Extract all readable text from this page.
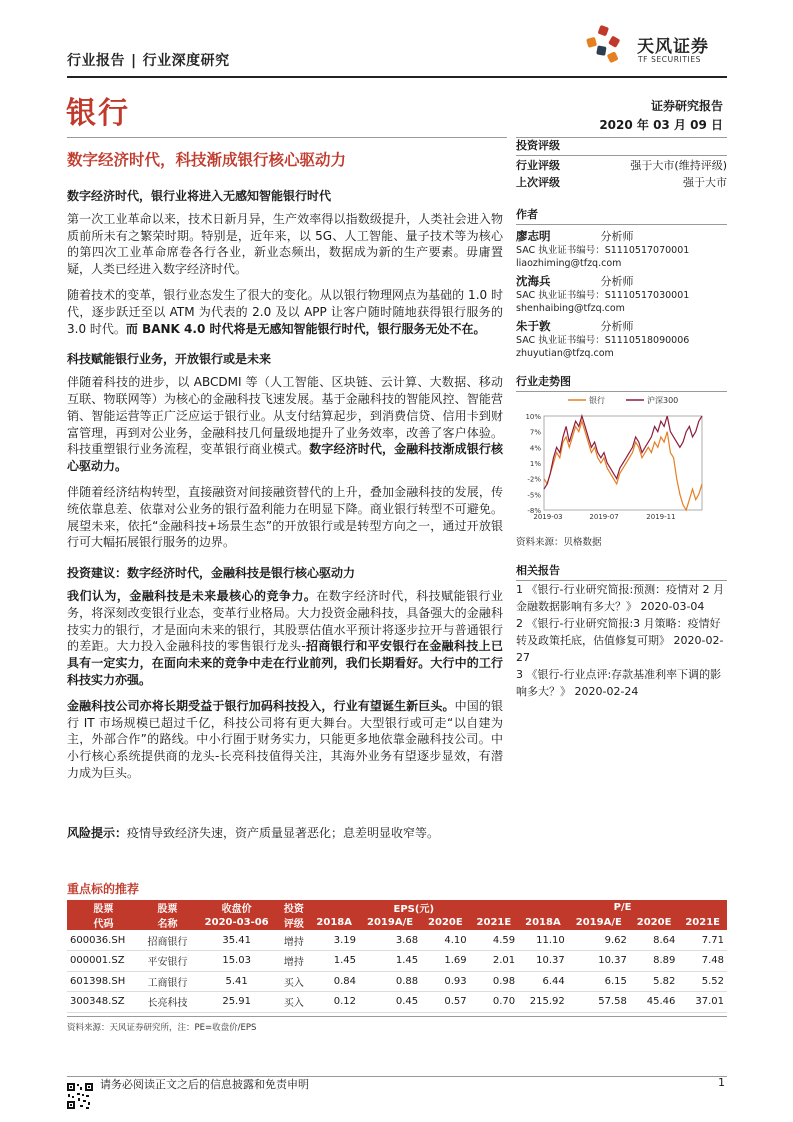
行业报告 | 行业深度研究
天风证券
TF SECURITIES
银行	证券研究报告
2020 年 03 月 09 日
数字经济时代，科技渐成银行核心驱动力
数字经济时代，银行业将进入无感知智能银行时代

第一次工业革命以来，技术日新月异，生产效率得以指数级提升，人类社会进入物质前所未有之繁荣时期。特别是，近年来，以 5G、人工智能、量子技术等为核心的第四次工业革命席卷各行各业，新业态频出，数据成为新的生产要素。毋庸置疑，人类已经进入数字经济时代。

随着技术的变革，银行业态发生了很大的变化。从以银行物理网点为基础的 1.0 时代，逐步跃迁至以 ATM 为代表的 2.0 及以 APP 让客户随时随地获得银行服务的 3.0 时代。而 BANK 4.0 时代将是无感知智能银行时代，银行服务无处不在。

科技赋能银行业务，开放银行或是未来

伴随着科技的进步，以 ABCDMI 等（人工智能、区块链、云计算、大数据、移动互联、物联网等）为核心的金融科技飞速发展。基于金融科技的智能风控、智能营销、智能运营等正广泛应运于银行业。从支付结算起步，到消费信贷、信用卡到财富管理，再到对公业务，金融科技几何量级地提升了业务效率，改善了客户体验。科技重塑银行业务流程，变革银行商业模式。数字经济时代，金融科技渐成银行核心驱动力。

伴随着经济结构转型，直接融资对间接融资替代的上升，叠加金融科技的发展，传统依靠息差、依靠对公业务的银行盈利能力在明显下降。商业银行转型不可避免。展望未来，依托“金融科技+场景生态”的开放银行或是转型方向之一，通过开放银行可大幅拓展银行服务的边界。

投资建议：数字经济时代，金融科技是银行核心驱动力

我们认为，金融科技是未来最核心的竞争力。在数字经济时代，科技赋能银行业务，将深刻改变银行业态，变革行业格局。大力投资金融科技，具备强大的金融科技实力的银行，才是面向未来的银行，其股票估值水平预计将逐步拉开与普通银行的差距。大力投入金融科技的零售银行龙头-招商银行和平安银行在金融科技上已具有一定实力，在面向未来的竞争中走在行业前列，我们长期看好。大行中的工行科技实力亦强。

金融科技公司亦将长期受益于银行加码科技投入，行业有望诞生新巨头。中国的银行 IT 市场规模已超过千亿，科技公司将有更大舞台。大型银行或可走“以自建为主，外部合作”的路线。中小行囿于财务实力，只能更多地依靠金融科技公司。中小行核心系统提供商的龙头-长亮科技值得关注，其海外业务有望逐步显效，有潜力成为巨头。

风险提示：疫情导致经济失速，资产质量显著恶化；息差明显收窄等。
投资评级
行业评级	强于大市(维持评级)
上次评级	强于大市
作者
廖志明	分析师
SAC 执业证书编号：S1110517070001
liaozhiming@tfzq.com
沈海兵	分析师
SAC 执业证书编号：S1110517030001
shenhaibing@tfzq.com
朱于敦	分析师
SAC 执业证书编号：S1110518090006
zhuyutian@tfzq.com
行业走势图
10%
7%
4%
1%
-2%
-5%
-8%
2019-03	2019-07	2019-11
银行	沪深300
资料来源：贝格数据
相关报告
1 《银行-行业研究简报:预测：疫情对 2 月金融数据影响有多大？》 2020-03-04
2 《银行-行业研究简报:3 月策略：疫情好转及政策托底，估值修复可期》 2020-02-27
3 《银行-行业点评:存款基准利率下调的影响多大？》 2020-02-24
重点标的推荐
股票	股票	收盘价	投资	EPS(元)				P/E			
代码	名称	2020-03-06	评级	2018A	2019A/E	2020E	2021E	2018A	2019A/E	2020E	2021E
600036.SH	招商银行	35.41	增持	3.19	3.68	4.10	4.59	11.10	9.62	8.64	7.71
000001.SZ	平安银行	15.03	增持	1.45	1.45	1.69	2.01	10.37	10.37	8.89	7.48
601398.SH	工商银行	5.41	买入	0.84	0.88	0.93	0.98	6.44	6.15	5.82	5.52
300348.SZ	长亮科技	25.91	买入	0.12	0.45	0.57	0.70	215.92	57.58	45.46	37.01
资料来源：天风证券研究所，注：PE=收盘价/EPS
请务必阅读正文之后的信息披露和免责申明	1
